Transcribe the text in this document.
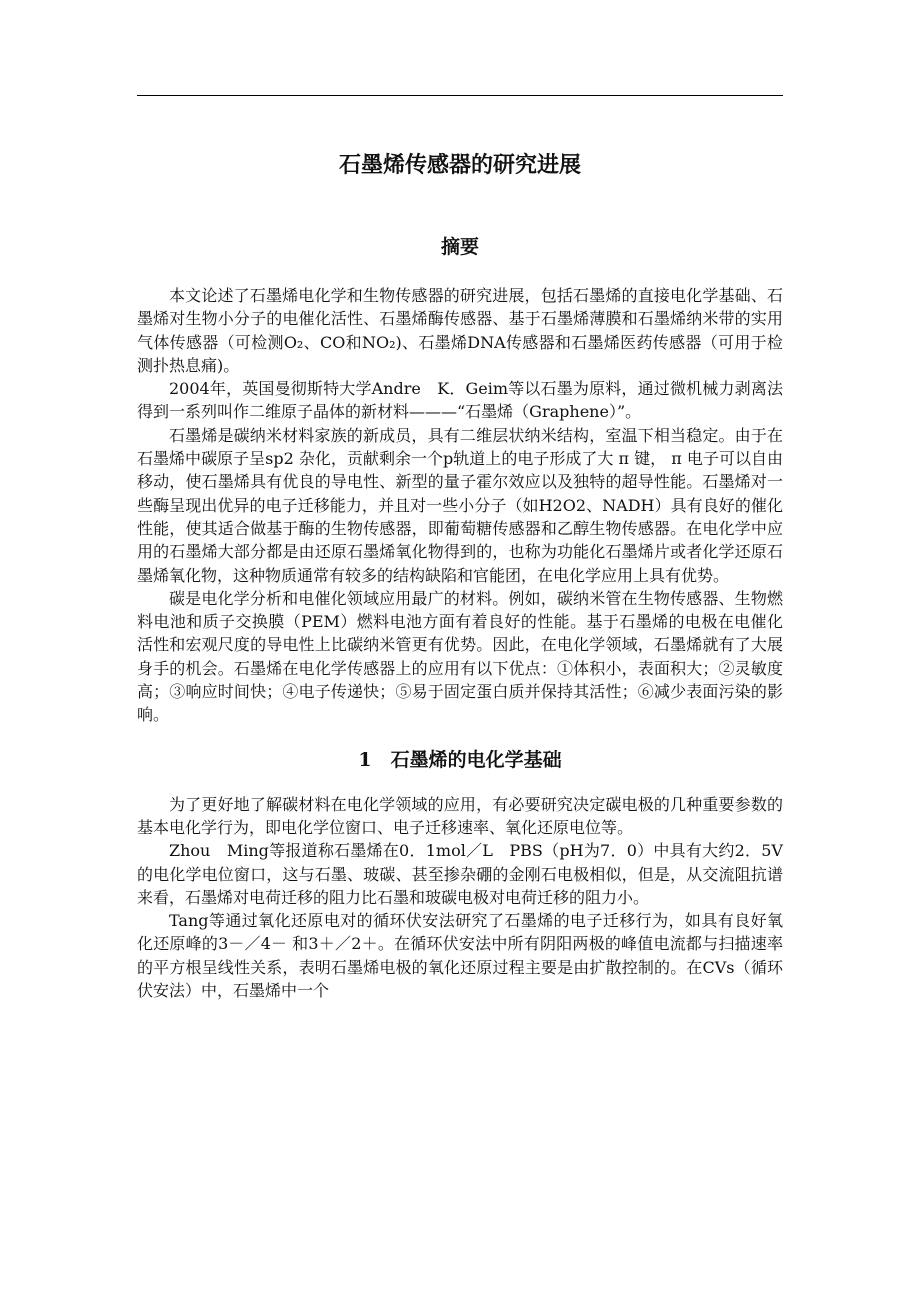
石墨烯传感器的研究进展
摘要

本文论述了石墨烯电化学和生物传感器的研究进展，包括石墨烯的直接电化学基础、石墨烯对生物小分子的电催化活性、石墨烯酶传感器、基于石墨烯薄膜和石墨烯纳米带的实用气体传感器（可检测O₂、CO和NO₂)、石墨烯DNA传感器和石墨烯医药传感器（可用于检测扑热息痛)。

2004年，英国曼彻斯特大学Andre　K．Geim等以石墨为原料，通过微机械力剥离法得到一系列叫作二维原子晶体的新材料———“石墨烯（Graphene）”。

石墨烯是碳纳米材料家族的新成员，具有二维层状纳米结构，室温下相当稳定。由于在石墨烯中碳原子呈sp2 杂化，贡献剩余一个p轨道上的电子形成了大 π 键， π 电子可以自由移动，使石墨烯具有优良的导电性、新型的量子霍尔效应以及独特的超导性能。石墨烯对一些酶呈现出优异的电子迁移能力，并且对一些小分子（如H2O2、NADH）具有良好的催化性能，使其适合做基于酶的生物传感器，即葡萄糖传感器和乙醇生物传感器。在电化学中应用的石墨烯大部分都是由还原石墨烯氧化物得到的，也称为功能化石墨烯片或者化学还原石墨烯氧化物，这种物质通常有较多的结构缺陷和官能团，在电化学应用上具有优势。

碳是电化学分析和电催化领域应用最广的材料。例如，碳纳米管在生物传感器、生物燃料电池和质子交换膜（PEM）燃料电池方面有着良好的性能。基于石墨烯的电极在电催化活性和宏观尺度的导电性上比碳纳米管更有优势。因此，在电化学领域，石墨烯就有了大展身手的机会。石墨烯在电化学传感器上的应用有以下优点：①体积小，表面积大；②灵敏度高；③响应时间快；④电子传递快；⑤易于固定蛋白质并保持其活性；⑥减少表面污染的影响。

1　石墨烯的电化学基础

为了更好地了解碳材料在电化学领域的应用，有必要研究决定碳电极的几种重要参数的基本电化学行为，即电化学位窗口、电子迁移速率、氧化还原电位等。

Zhou　Ming等报道称石墨烯在0．1mol／L　PBS（pH为7．0）中具有大约2．5V 的电化学电位窗口，这与石墨、玻碳、甚至掺杂硼的金刚石电极相似，但是，从交流阻抗谱来看，石墨烯对电荷迁移的阻力比石墨和玻碳电极对电荷迁移的阻力小。

Tang等通过氧化还原电对的循环伏安法研究了石墨烯的电子迁移行为，如具有良好氧化还原峰的3－／4－ 和3＋／2＋。在循环伏安法中所有阴阳两极的峰值电流都与扫描速率的平方根呈线性关系，表明石墨烯电极的氧化还原过程主要是由扩散控制的。在CVs（循环伏安法）中，石墨烯中一个
